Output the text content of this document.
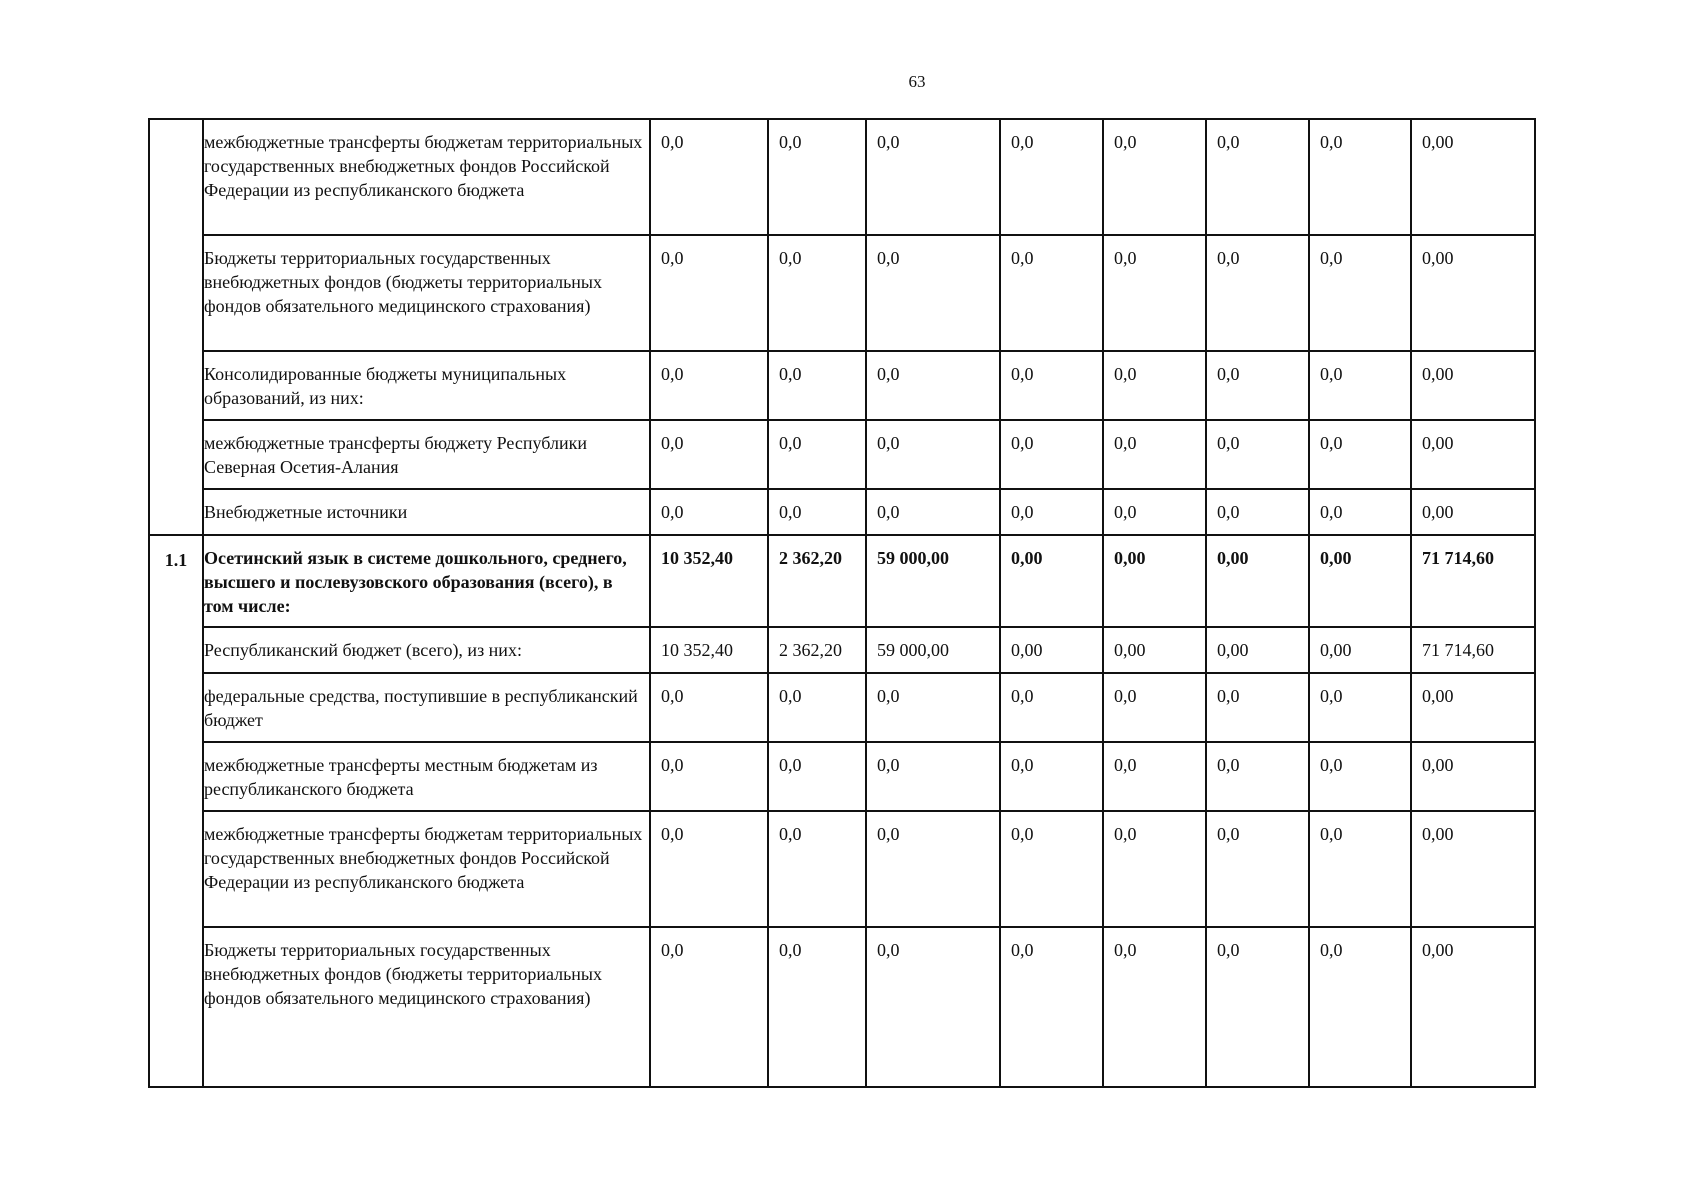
63
	межбюджетные трансферты бюджетам территориальных государственных внебюджетных фондов Российской Федерации из республиканского бюджета	0,0	0,0	0,0	0,0	0,0	0,0	0,0	0,00
	Бюджеты территориальных государственных внебюджетных фондов (бюджеты территориальных фондов обязательного медицинского страхования)	0,0	0,0	0,0	0,0	0,0	0,0	0,0	0,00
	Консолидированные бюджеты муниципальных образований, из них:	0,0	0,0	0,0	0,0	0,0	0,0	0,0	0,00
	межбюджетные трансферты бюджету Республики Северная Осетия-Алания	0,0	0,0	0,0	0,0	0,0	0,0	0,0	0,00
	Внебюджетные источники	0,0	0,0	0,0	0,0	0,0	0,0	0,0	0,00
1.1	Осетинский язык в системе дошкольного, среднего, высшего и послевузовского образования (всего), в том числе:	10 352,40	2 362,20	59 000,00	0,00	0,00	0,00	0,00	71 714,60
	Республиканский бюджет (всего), из них:	10 352,40	2 362,20	59 000,00	0,00	0,00	0,00	0,00	71 714,60
	федеральные средства, поступившие в республиканский бюджет	0,0	0,0	0,0	0,0	0,0	0,0	0,0	0,00
	межбюджетные трансферты местным бюджетам из республиканского бюджета	0,0	0,0	0,0	0,0	0,0	0,0	0,0	0,00
	межбюджетные трансферты бюджетам территориальных государственных внебюджетных фондов Российской Федерации из республиканского бюджета	0,0	0,0	0,0	0,0	0,0	0,0	0,0	0,00
	Бюджеты территориальных государственных внебюджетных фондов (бюджеты территориальных фондов обязательного медицинского страхования)	0,0	0,0	0,0	0,0	0,0	0,0	0,0	0,00
